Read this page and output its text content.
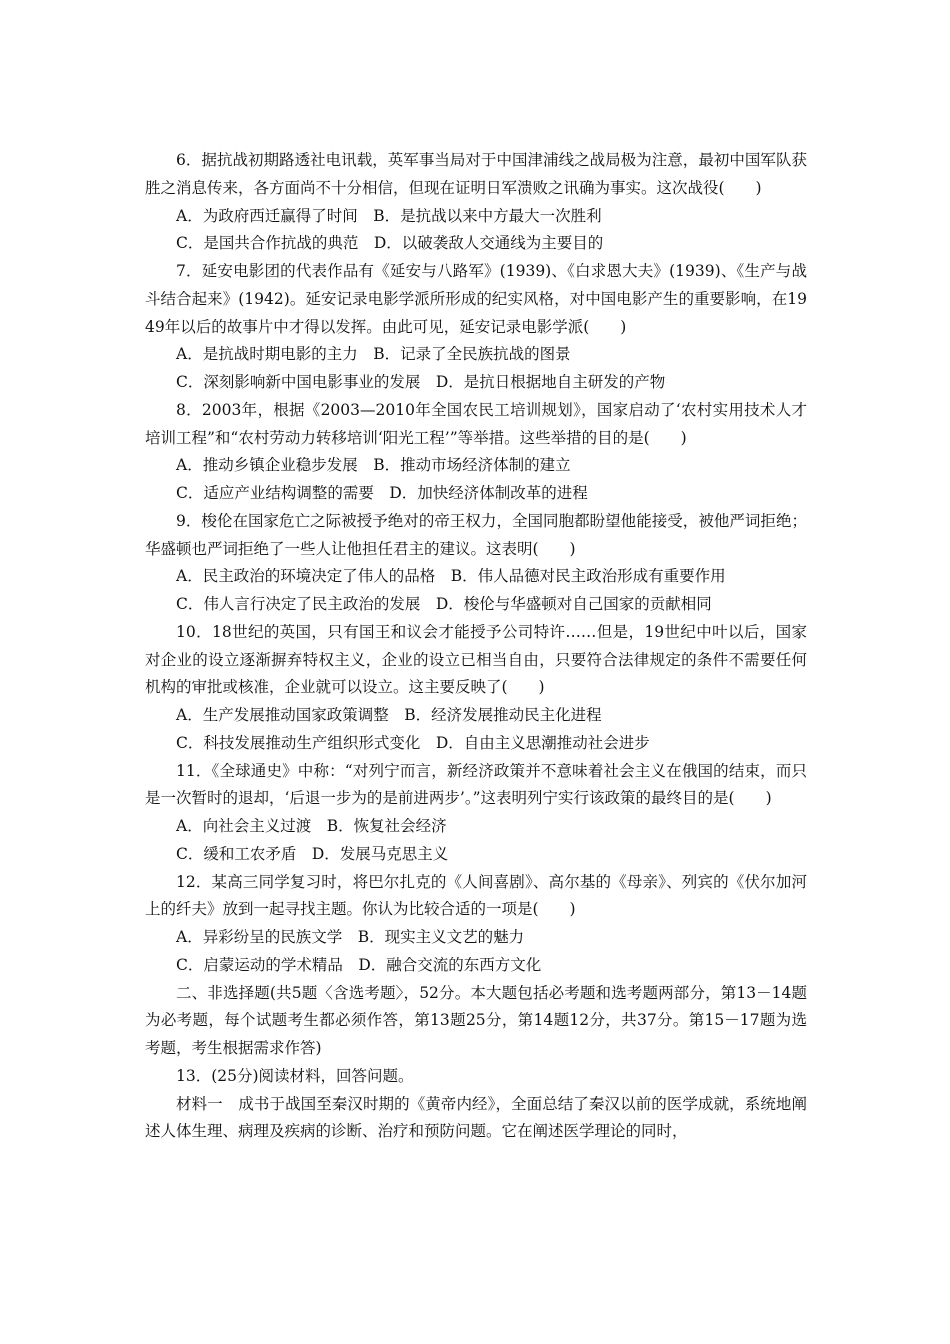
6．据抗战初期路透社电讯载，英军事当局对于中国津浦线之战局极为注意，最初中国军队获胜之消息传来，各方面尚不十分相信，但现在证明日军溃败之讯确为事实。这次战役(　　)

A．为政府西迁赢得了时间　B．是抗战以来中方最大一次胜利

C．是国共合作抗战的典范　D．以破袭敌人交通线为主要目的

7．延安电影团的代表作品有《延安与八路军》(1939)、《白求恩大夫》(1939)、《生产与战斗结合起来》(1942)。延安记录电影学派所形成的纪实风格，对中国电影产生的重要影响，在1949年以后的故事片中才得以发挥。由此可见，延安记录电影学派(　　)

A．是抗战时期电影的主力　B．记录了全民族抗战的图景

C．深刻影响新中国电影事业的发展　D．是抗日根据地自主研发的产物

8．2003年，根据《2003—2010年全国农民工培训规划》，国家启动了‘农村实用技术人才培训工程”和“农村劳动力转移培训‘阳光工程’”等举措。这些举措的目的是(　　)

A．推动乡镇企业稳步发展　B．推动市场经济体制的建立

C．适应产业结构调整的需要　D．加快经济体制改革的进程

9．梭伦在国家危亡之际被授予绝对的帝王权力，全国同胞都盼望他能接受，被他严词拒绝；华盛顿也严词拒绝了一些人让他担任君主的建议。这表明(　　)

A．民主政治的环境决定了伟人的品格　B．伟人品德对民主政治形成有重要作用

C．伟人言行决定了民主政治的发展　D．梭伦与华盛顿对自己国家的贡献相同

10．18世纪的英国，只有国王和议会才能授予公司特许……但是，19世纪中叶以后，国家对企业的设立逐渐摒弃特权主义，企业的设立已相当自由，只要符合法律规定的条件不需要任何机构的审批或核准，企业就可以设立。这主要反映了(　　)

A．生产发展推动国家政策调整　B．经济发展推动民主化进程

C．科技发展推动生产组织形式变化　D．自由主义思潮推动社会进步

11．《全球通史》中称：“对列宁而言，新经济政策并不意味着社会主义在俄国的结束，而只是一次暂时的退却，‘后退一步为的是前进两步’。”这表明列宁实行该政策的最终目的是(　　)

A．向社会主义过渡　B．恢复社会经济

C．缓和工农矛盾　D．发展马克思主义

12．某高三同学复习时，将巴尔扎克的《人间喜剧》、高尔基的《母亲》、列宾的《伏尔加河上的纤夫》放到一起寻找主题。你认为比较合适的一项是(　　)

A．异彩纷呈的民族文学　B．现实主义文艺的魅力

C．启蒙运动的学术精品　D．融合交流的东西方文化

二、非选择题(共5题〈含选考题〉，52分。本大题包括必考题和选考题两部分，第13－14题为必考题，每个试题考生都必须作答，第13题25分，第14题12分，共37分。第15－17题为选考题，考生根据需求作答)

13．(25分)阅读材料，回答问题。

材料一　成书于战国至秦汉时期的《黄帝内经》，全面总结了秦汉以前的医学成就，系统地阐述人体生理、病理及疾病的诊断、治疗和预防问题。它在阐述医学理论的同时，
